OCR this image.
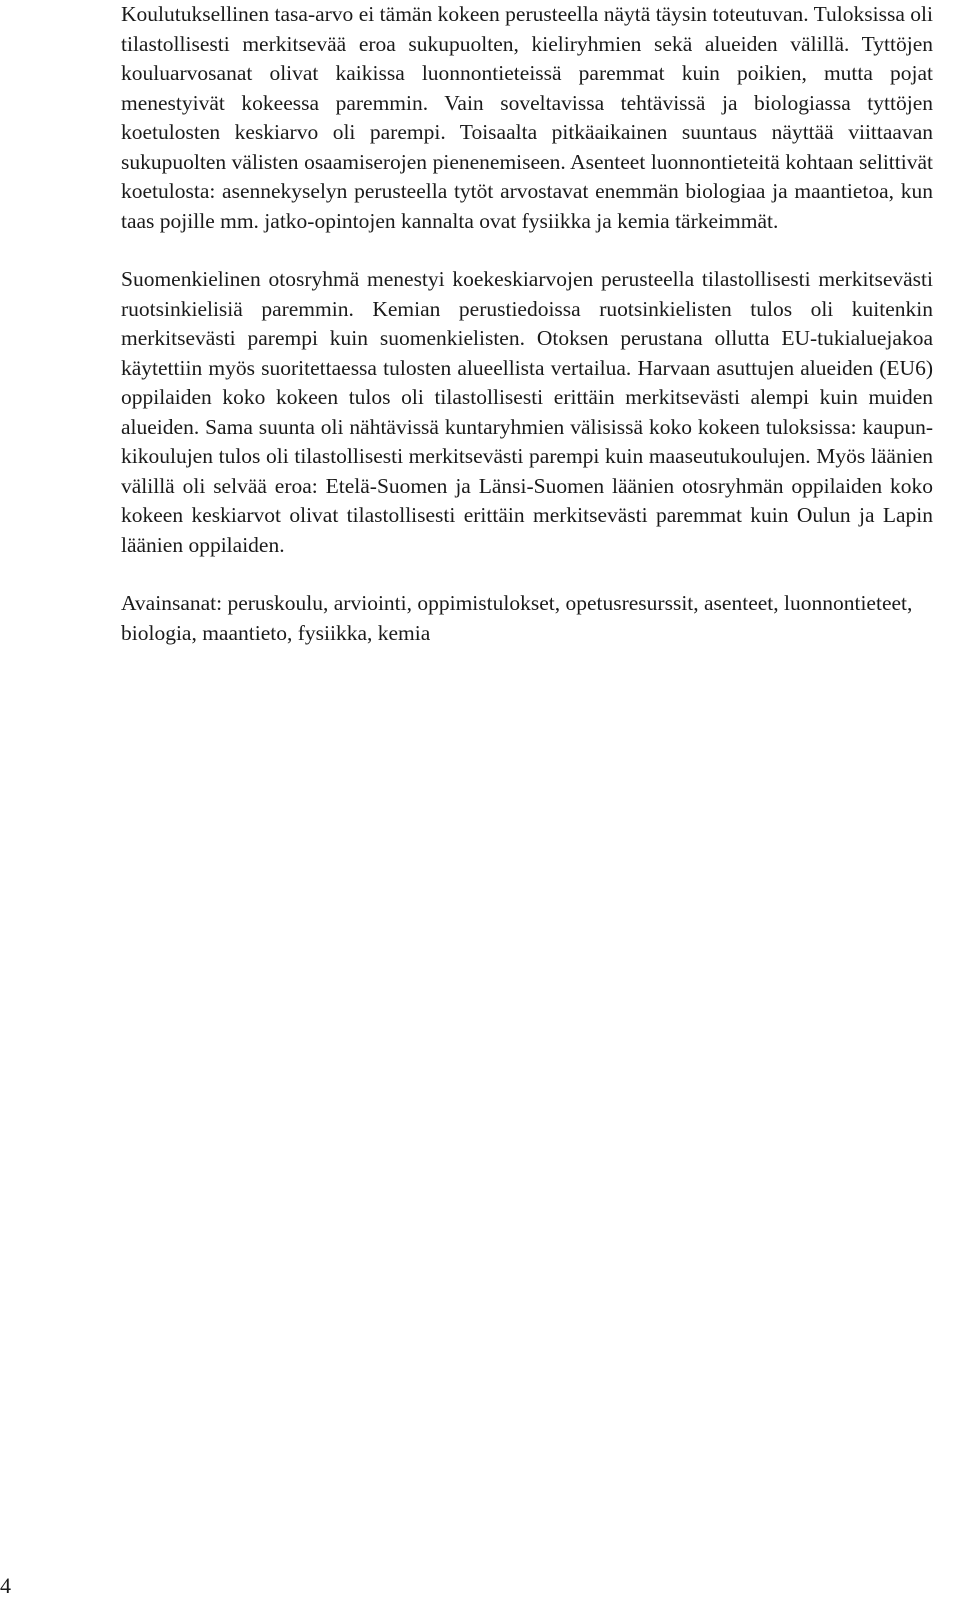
Koulutuksellinen tasa-arvo ei tämän kokeen perusteella näytä täysin toteutuvan. Tuloksissa oli tilastollisesti merkitsevää eroa sukupuolten, kieliryhmien sekä alueiden välillä. Tyttöjen kouluarvosanat olivat kaikissa luonnontieteissä paremmat kuin poikien, mutta pojat menestyivät kokeessa paremmin. Vain soveltavissa tehtävissä ja biologiassa tyttöjen koetulosten keskiarvo oli parempi. Toisaalta pitkäaikainen suuntaus näyttää viittaavan sukupuolten välisten osaamiserojen pienenemiseen. Asenteet luonnontieteitä kohtaan selittivät koetulosta: asennekyselyn perusteella tytöt arvostavat enemmän biologiaa ja maantietoa, kun taas pojille mm. jatko-opintojen kannalta ovat fysiikka ja kemia tärkeimmät.

Suomenkielinen otosryhmä menestyi koekeskiarvojen perusteella tilastollisesti merkitsevästi ruotsinkielisiä paremmin. Kemian perustiedoissa ruotsinkielisten tulos oli kuitenkin merkitsevästi parempi kuin suomenkielisten. Otoksen perustana ollutta EU-tukialuejakoa käytettiin myös suoritettaessa tulosten alueellista vertailua. Harvaan asuttujen alueiden (EU6) oppilaiden koko kokeen tulos oli tilastollisesti erittäin merkitsevästi alempi kuin muiden alueiden. Sama suunta oli nähtävissä kuntaryhmien välisissä koko kokeen tuloksissa: kaupunkikoulujen tulos oli tilastollisesti merkitsevästi parempi kuin maaseutukoulujen. Myös läänien välillä oli selvää eroa: Etelä-Suomen ja Länsi-Suomen läänien otosryhmän oppilaiden koko kokeen keskiarvot olivat tilastollisesti erittäin merkitsevästi paremmat kuin Oulun ja Lapin läänien oppilaiden.

Avainsanat: peruskoulu, arviointi, oppimistulokset, opetusresurssit, asenteet, luonnontieteet, biologia, maantieto, fysiikka, kemia

4
